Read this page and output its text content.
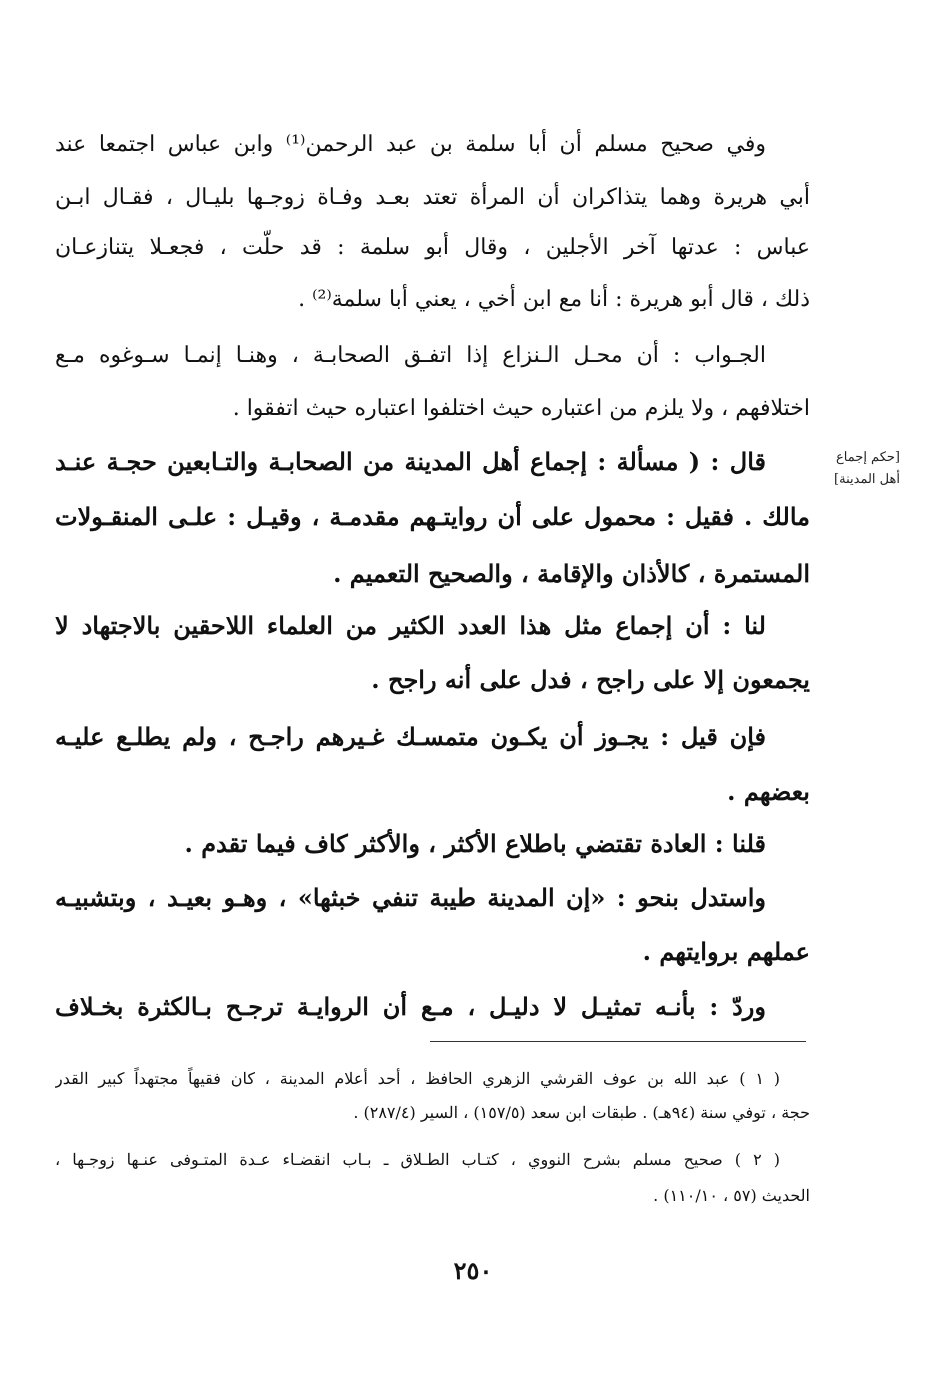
وفي صحيح مسلم أن أبا سلمة بن عبد الرحمن⁽¹⁾ وابن عباس اجتمعا عند
أبي هريرة وهما يتذاكران أن المرأة تعتد بعـد وفـاة زوجـها بليـال ، فقـال ابـن
عباس : عدتها آخر الأجلين ، وقال أبو سلمة : قد حلّت ، فجعـلا يتنازعـان
ذلك ، قال أبو هريرة : أنا مع ابن أخي ، يعني أبا سلمة⁽²⁾ .
الجـواب : أن محـل الـنزاع إذا اتفـق الصحابـة ، وهنـا إنمـا سـوغوه مـع
اختلافهم ، ولا يلزم من اعتباره حيث اختلفوا اعتباره حيث اتفقوا .
[حكم إجماع
أهل المدينة]
قال : ( مسألة : إجماع أهل المدينة من الصحابـة والتـابعين حجـة عنـد
مالك . فقيل : محمول على أن روايتـهم مقدمـة ، وقيـل : علـى المنقـولات
المستمرة ، كالأذان والإقامة ، والصحيح التعميم .
لنا : أن إجماع مثل هذا العدد الكثير من العلماء اللاحقين بالاجتهاد لا
يجمعون إلا على راجح ، فدل على أنه راجح .
فإن قيل : يجـوز أن يكـون متمسـك غـيرهم راجـح ، ولم يطلـع عليـه
بعضهم .
قلنا : العادة تقتضي باطلاع الأكثر ، والأكثر كاف فيما تقدم .
واستدل بنحو : «إن المدينة طيبة تنفي خبثها» ، وهـو بعيـد ، وبتشبيـه
عملهم بروايتهم .
وردّ : بأنـه تمثيـل لا دليـل ، مـع أن الروايـة ترجـح بـالكثرة بخـلاف
( ١ ) عبد الله بن عوف القرشي الزهري الحافظ ، أحد أعلام المدينة ، كان فقيهاً مجتهداً كبير القدر
حجة ، توفي سنة (٩٤هـ) . طبقات ابن سعد (١٥٧/٥) ، السير (٢٨٧/٤) .
( ٢ ) صحيح مسلم بشرح النووي ، كتـاب الطـلاق ـ بـاب انقضـاء عـدة المتـوفى عنـها زوجـها ،
الحديث (٥٧ ، ١١٠/١٠) .
٢٥٠
